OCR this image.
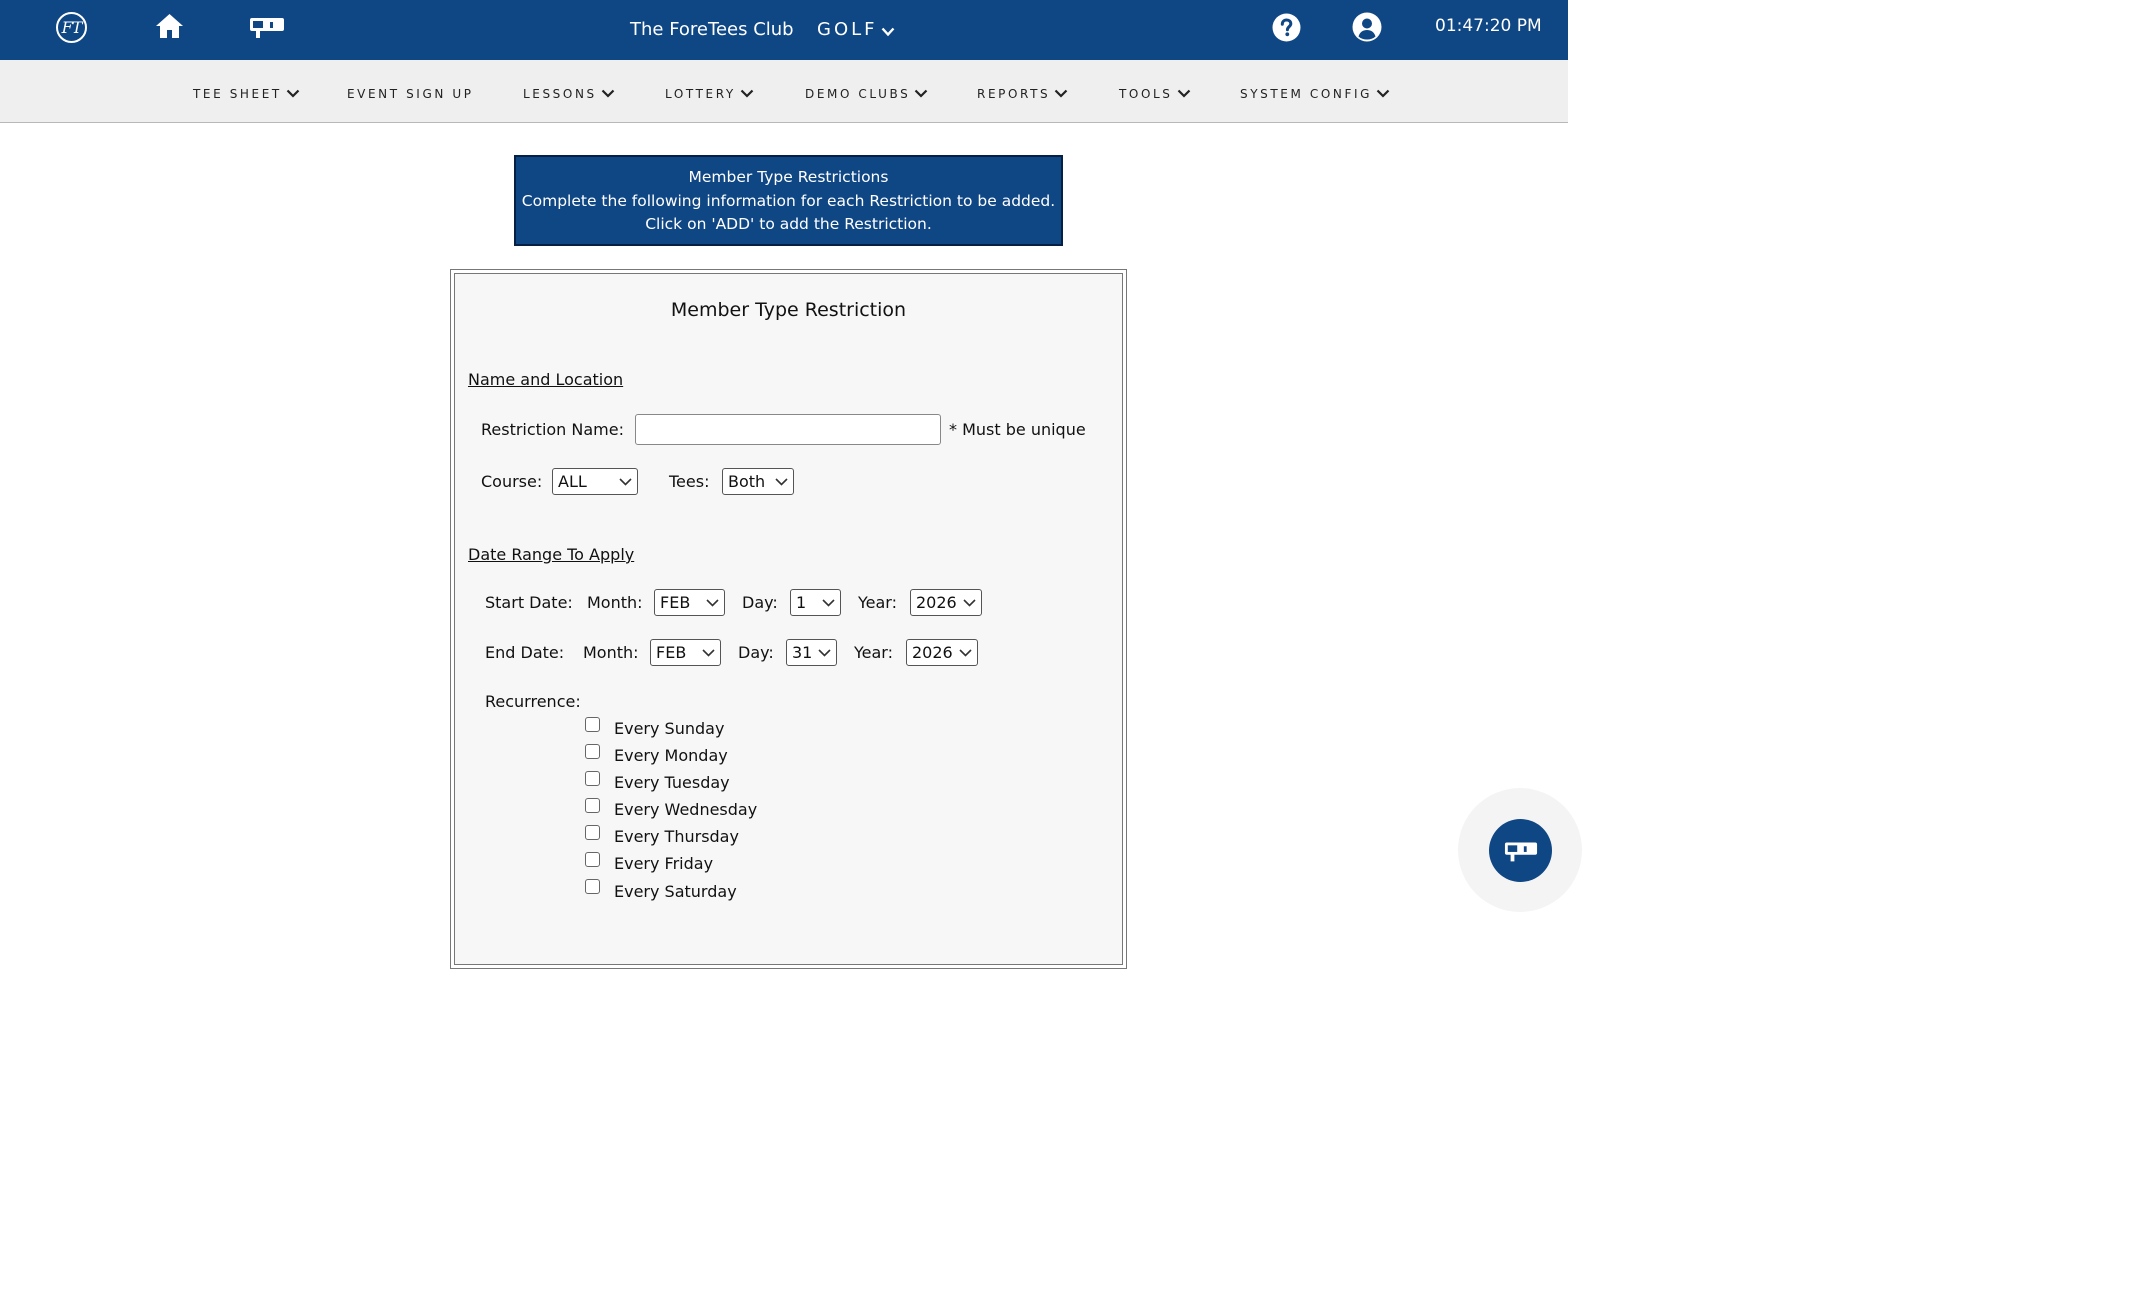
FT	The ForeTees Club GOLF	01:47:20 PM
TEE SHEET	EVENT SIGN UP	LESSONS	LOTTERY	DEMO CLUBS	REPORTS	TOOLS	SYSTEM CONFIG
Member Type Restrictions
Complete the following information for each Restriction to be added.
Click on 'ADD' to add the Restriction.
Member Type Restriction
Name and Location
Restriction Name:	* Must be unique
Course: ALL	Tees:	Both
Date Range To Apply
Start Date: Month:	FEB	Day:	1	Year:	2026
End Date: Month:	FEB	Day:	31	Year:	2026
Recurrence:
Every Sunday
Every Monday
Every Tuesday
Every Wednesday
Every Thursday
Every Friday
Every Saturday
